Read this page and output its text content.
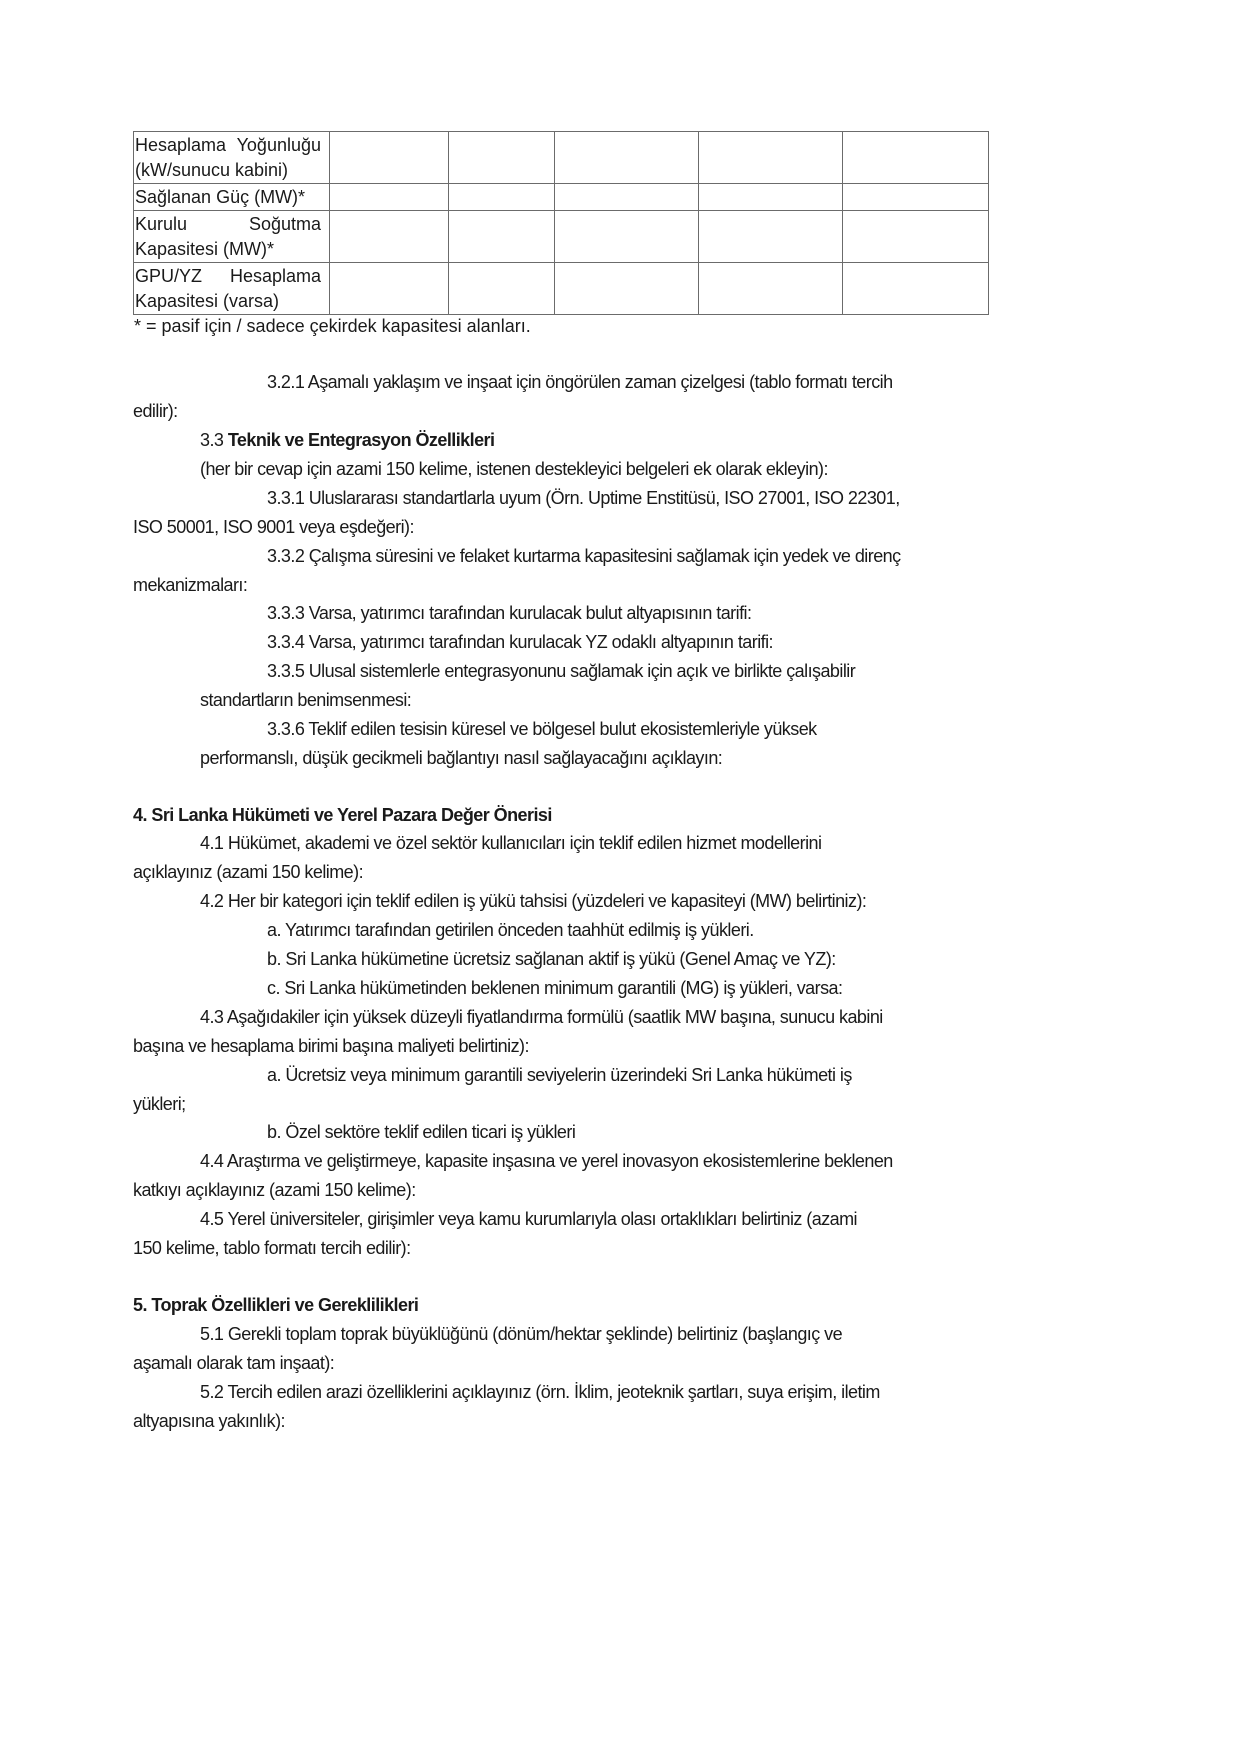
Hesaplama Yoğunluğu
(kW/sunucu kabini)					

Sağlanan Güç (MW)*					

Kurulu Soğutma
Kapasitesi (MW)*					

GPU/YZ Hesaplama
Kapasitesi (varsa)					

* = pasif için / sadece çekirdek kapasitesi alanları.
3.2.1 Aşamalı yaklaşım ve inşaat için öngörülen zaman çizelgesi (tablo formatı tercih
edilir):
3.3 Teknik ve Entegrasyon Özellikleri
(her bir cevap için azami 150 kelime, istenen destekleyici belgeleri ek olarak ekleyin):
3.3.1 Uluslararası standartlarla uyum (Örn. Uptime Enstitüsü, ISO 27001, ISO 22301,
ISO 50001, ISO 9001 veya eşdeğeri):
3.3.2 Çalışma süresini ve felaket kurtarma kapasitesini sağlamak için yedek ve direnç
mekanizmaları:
3.3.3 Varsa, yatırımcı tarafından kurulacak bulut altyapısının tarifi:
3.3.4 Varsa, yatırımcı tarafından kurulacak YZ odaklı altyapının tarifi:
3.3.5 Ulusal sistemlerle entegrasyonunu sağlamak için açık ve birlikte çalışabilir
standartların benimsenmesi:
3.3.6 Teklif edilen tesisin küresel ve bölgesel bulut ekosistemleriyle yüksek
performanslı, düşük gecikmeli bağlantıyı nasıl sağlayacağını açıklayın:
4. Sri Lanka Hükümeti ve Yerel Pazara Değer Önerisi
4.1 Hükümet, akademi ve özel sektör kullanıcıları için teklif edilen hizmet modellerini
açıklayınız (azami 150 kelime):
4.2 Her bir kategori için teklif edilen iş yükü tahsisi (yüzdeleri ve kapasiteyi (MW) belirtiniz):
a. Yatırımcı tarafından getirilen önceden taahhüt edilmiş iş yükleri.
b. Sri Lanka hükümetine ücretsiz sağlanan aktif iş yükü (Genel Amaç ve YZ):
c. Sri Lanka hükümetinden beklenen minimum garantili (MG) iş yükleri, varsa:
4.3 Aşağıdakiler için yüksek düzeyli fiyatlandırma formülü (saatlik MW başına, sunucu kabini
başına ve hesaplama birimi başına maliyeti belirtiniz):
a. Ücretsiz veya minimum garantili seviyelerin üzerindeki Sri Lanka hükümeti iş
yükleri;
b. Özel sektöre teklif edilen ticari iş yükleri
4.4 Araştırma ve geliştirmeye, kapasite inşasına ve yerel inovasyon ekosistemlerine beklenen
katkıyı açıklayınız (azami 150 kelime):
4.5 Yerel üniversiteler, girişimler veya kamu kurumlarıyla olası ortaklıkları belirtiniz (azami
150 kelime, tablo formatı tercih edilir):
5. Toprak Özellikleri ve Gereklilikleri
5.1 Gerekli toplam toprak büyüklüğünü (dönüm/hektar şeklinde) belirtiniz (başlangıç ve
aşamalı olarak tam inşaat):
5.2 Tercih edilen arazi özelliklerini açıklayınız (örn. İklim, jeoteknik şartları, suya erişim, iletim
altyapısına yakınlık):
